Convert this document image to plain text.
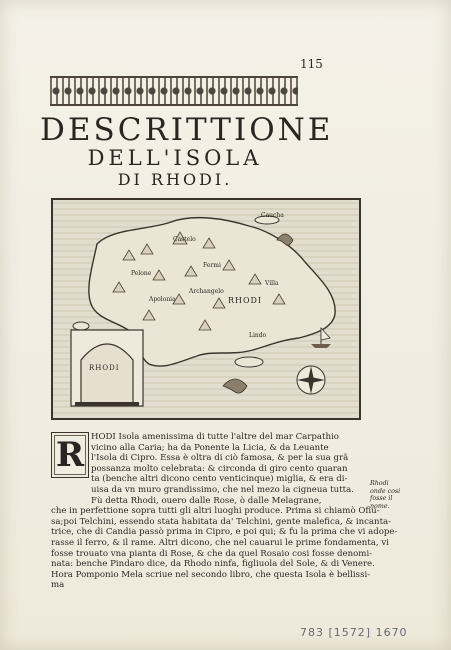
115
DESCRITTIONE
DELL'ISOLA
DI RHODI.
RHODI
RHODI
Caucha
Lindo
Pelone
Castelo
Fermi
Apolonia
Villa
Archangelo
R HODI Isola amenissima di tutte l'altre del mar Carpathio
vicino alla Caria; ha da Ponente la Licia, & da Leuante
l'Isola di Cipro. Essa è oltra di ciò famosa, & per la sua grã
possanza molto celebrata: & circonda di giro cento quaran
ta (benche altri dicono cento venticinque) miglia, & era di-
uisa da vn muro grandissimo, che nel mezo la cigneua tutta.
Fù detta Rhodi, ouero dalle Rose, ò dalle Melagrane,
che in perfettione sopra tutti gli altri luoghi produce. Prima si chiamò Ofiu-
sa;poi Telchini, essendo stata habitata da' Telchini, gente malefica, & incanta-
trice, che di Candia passò prima in Cipro, e poi qui; & fu la prima che vi adope-
rasse il ferro, & il rame. Altri dicono, che nel cauarui le prime fondamenta, vi
fosse trouato vna pianta di Rose, & che da quel Rosaio cosi fosse denomi-
nata: benche Pindaro dice, da Rhodo ninfa, figliuola del Sole, & di Venere.
Hora Pomponio Mela scriue nel secondo libro, che questa Isola è bellissi-
ma
Rhodi onde cosi fosse il nome.
783 [1572] 1670
